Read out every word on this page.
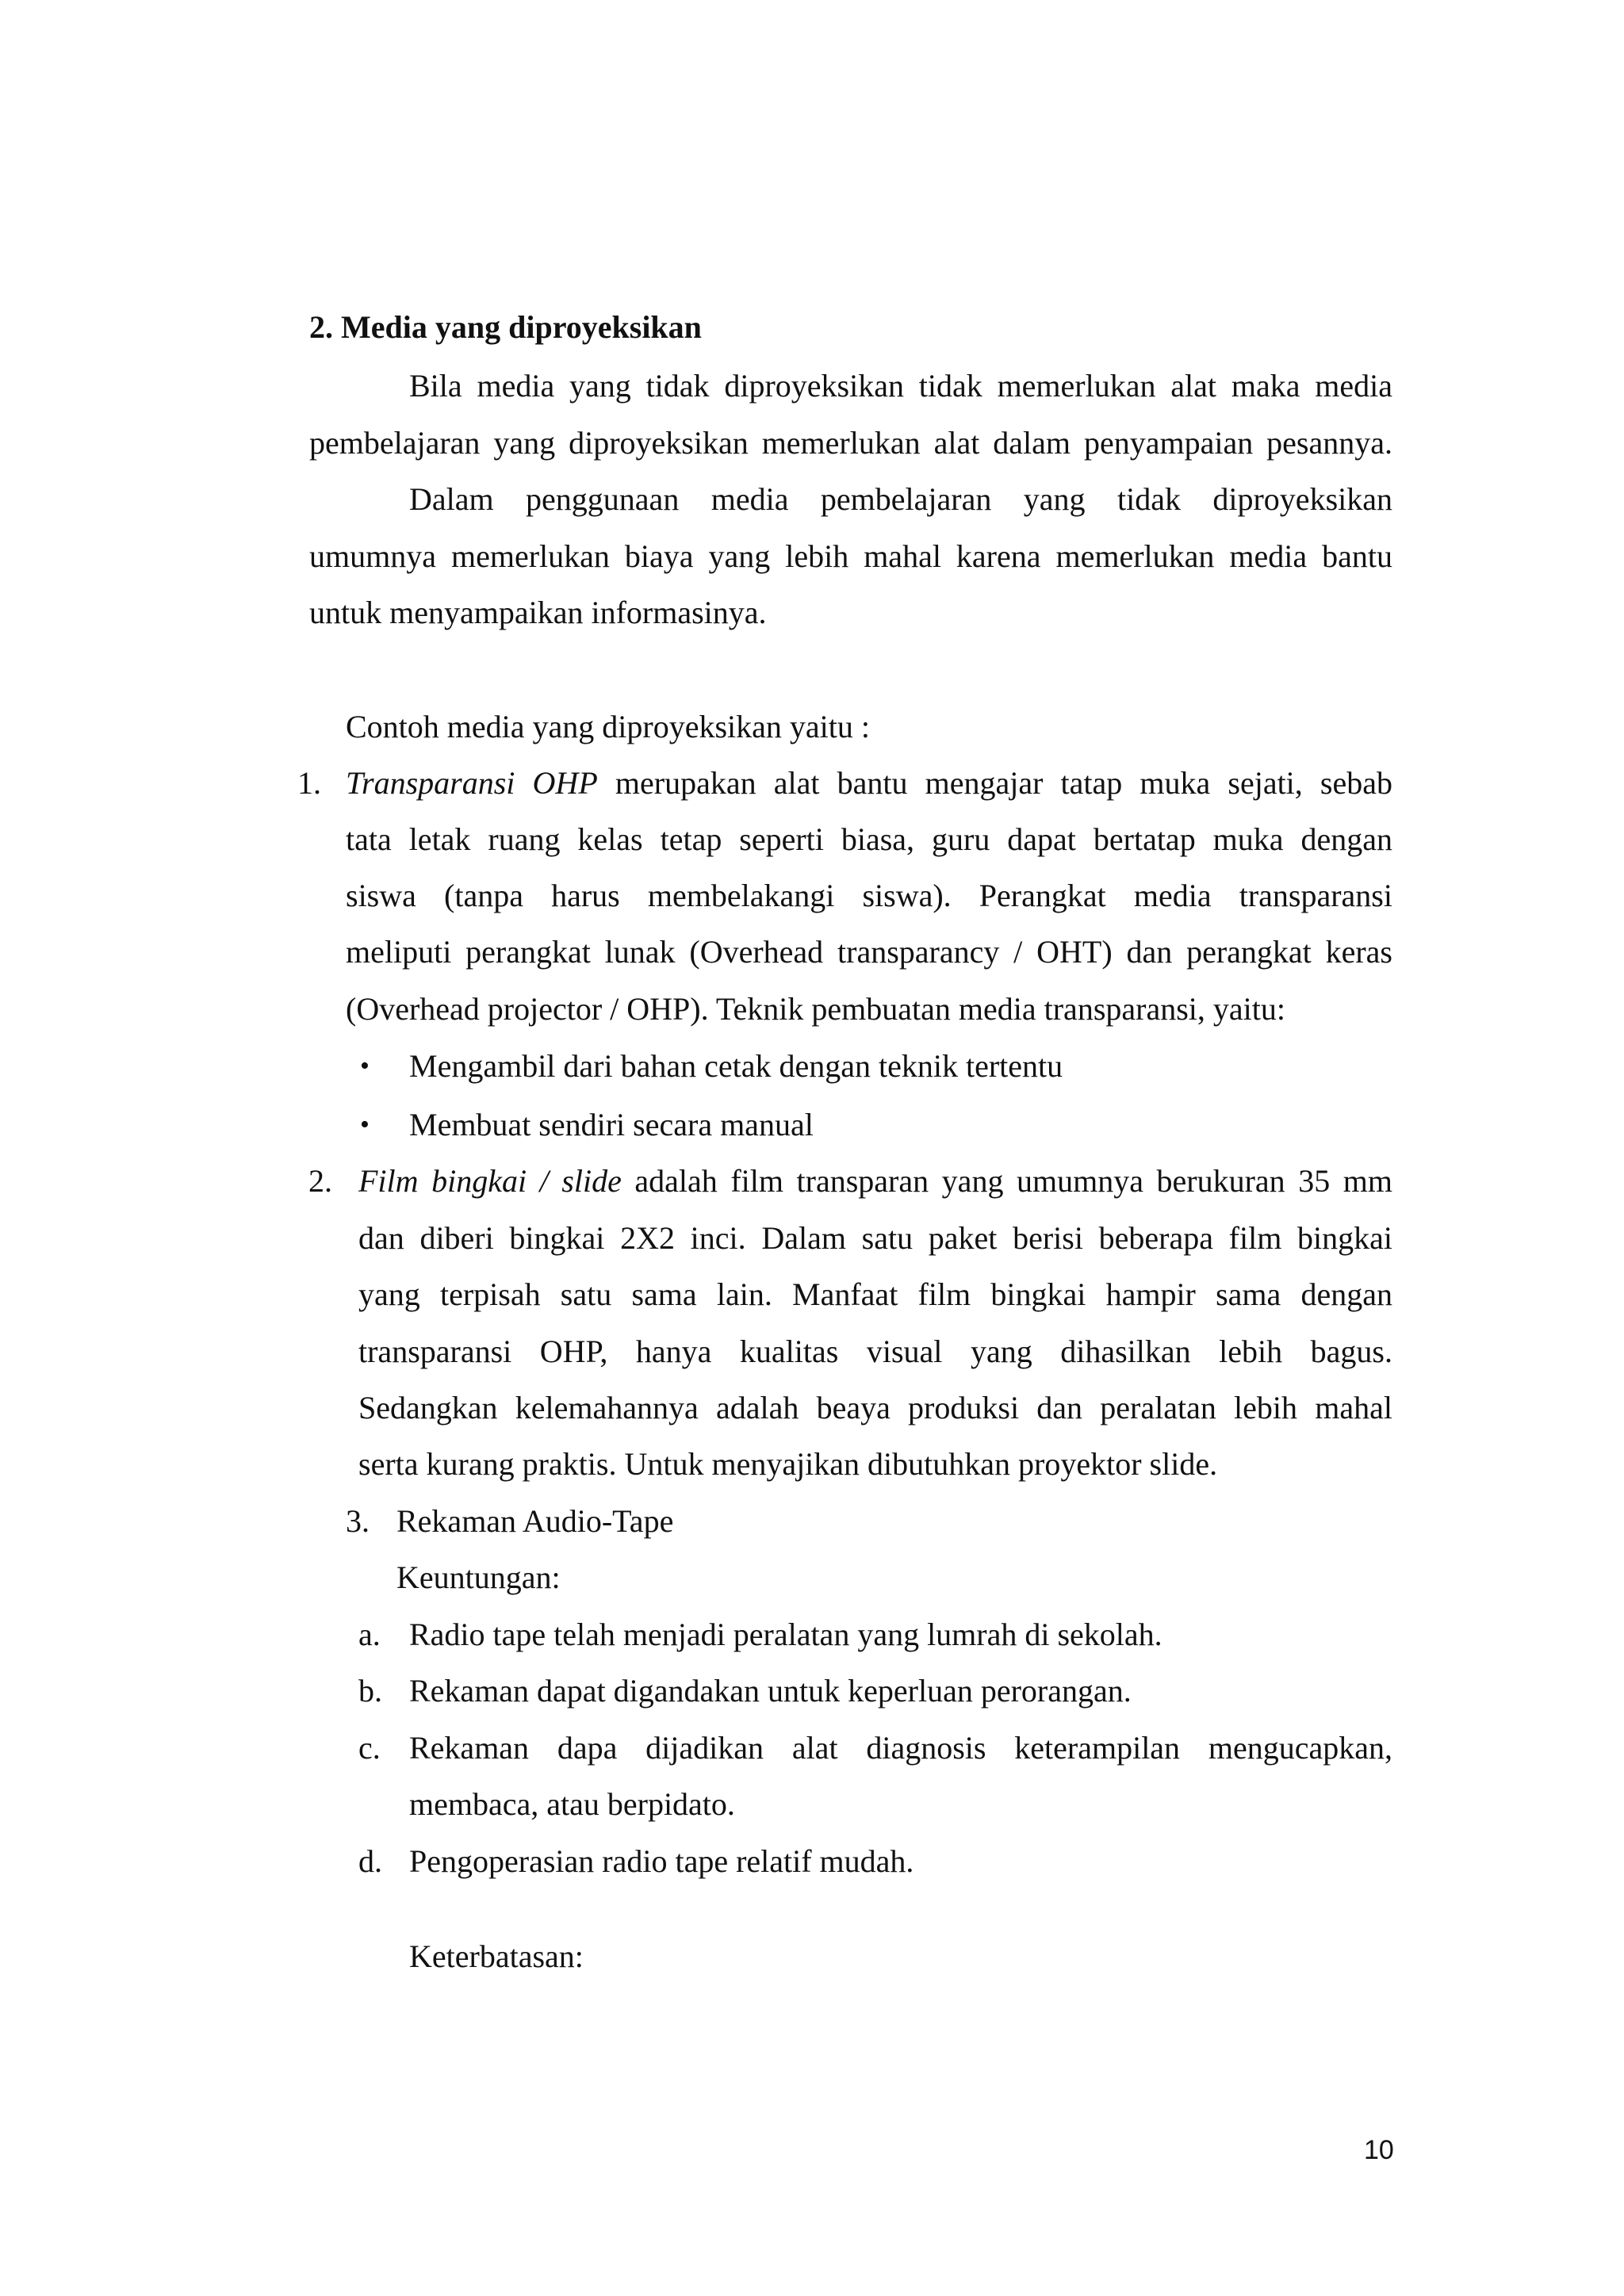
2. Media yang diproyeksikan
Bila media yang tidak diproyeksikan tidak memerlukan alat maka media
pembelajaran yang diproyeksikan memerlukan alat dalam penyampaian pesannya.
Dalam penggunaan media pembelajaran yang tidak diproyeksikan
umumnya memerlukan biaya yang lebih mahal karena memerlukan media bantu
untuk menyampaikan informasinya.
Contoh media yang diproyeksikan yaitu :
1. Transparansi OHP merupakan alat bantu mengajar tatap muka sejati, sebab
tata letak ruang kelas tetap seperti biasa, guru dapat bertatap muka dengan
siswa (tanpa harus membelakangi siswa). Perangkat media transparansi
meliputi perangkat lunak (Overhead transparancy / OHT) dan perangkat keras
(Overhead projector / OHP). Teknik pembuatan media transparansi, yaitu:
• Mengambil dari bahan cetak dengan teknik tertentu
• Membuat sendiri secara manual
2. Film bingkai / slide adalah film transparan yang umumnya berukuran 35 mm
dan diberi bingkai 2X2 inci. Dalam satu paket berisi beberapa film bingkai
yang terpisah satu sama lain. Manfaat film bingkai hampir sama dengan
transparansi OHP, hanya kualitas visual yang dihasilkan lebih bagus.
Sedangkan kelemahannya adalah beaya produksi dan peralatan lebih mahal
serta kurang praktis. Untuk menyajikan dibutuhkan proyektor slide.
3. Rekaman Audio-Tape
Keuntungan:
a. Radio tape telah menjadi peralatan yang lumrah di sekolah.
b. Rekaman dapat digandakan untuk keperluan perorangan.
c. Rekaman dapa dijadikan alat diagnosis keterampilan mengucapkan,
membaca, atau berpidato.
d. Pengoperasian radio tape relatif mudah.
Keterbatasan:
10
